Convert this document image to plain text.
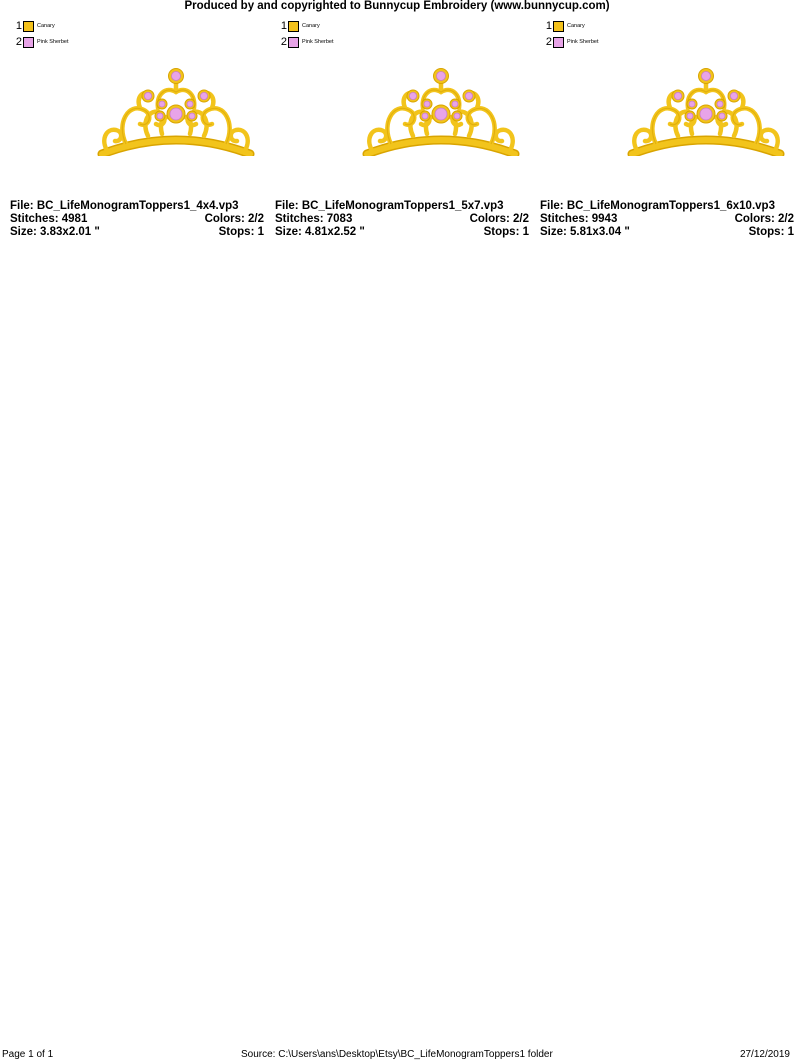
Produced by and copyrighted to Bunnycup Embroidery (www.bunnycup.com)
1	Canary
2	Pink Sherbet
File: BC_LifeMonogramToppers1_4x4.vp3
Stitches: 4981	Colors: 2/2
Size: 3.83x2.01 "	Stops: 1
1	Canary
2	Pink Sherbet
File: BC_LifeMonogramToppers1_5x7.vp3
Stitches: 7083	Colors: 2/2
Size: 4.81x2.52 "	Stops: 1
1	Canary
2	Pink Sherbet
File: BC_LifeMonogramToppers1_6x10.vp3
Stitches: 9943	Colors: 2/2
Size: 5.81x3.04 "	Stops: 1
Page 1 of 1	Source: C:\Users\ans\Desktop\Etsy\BC_LifeMonogramToppers1 folder	27/12/2019
